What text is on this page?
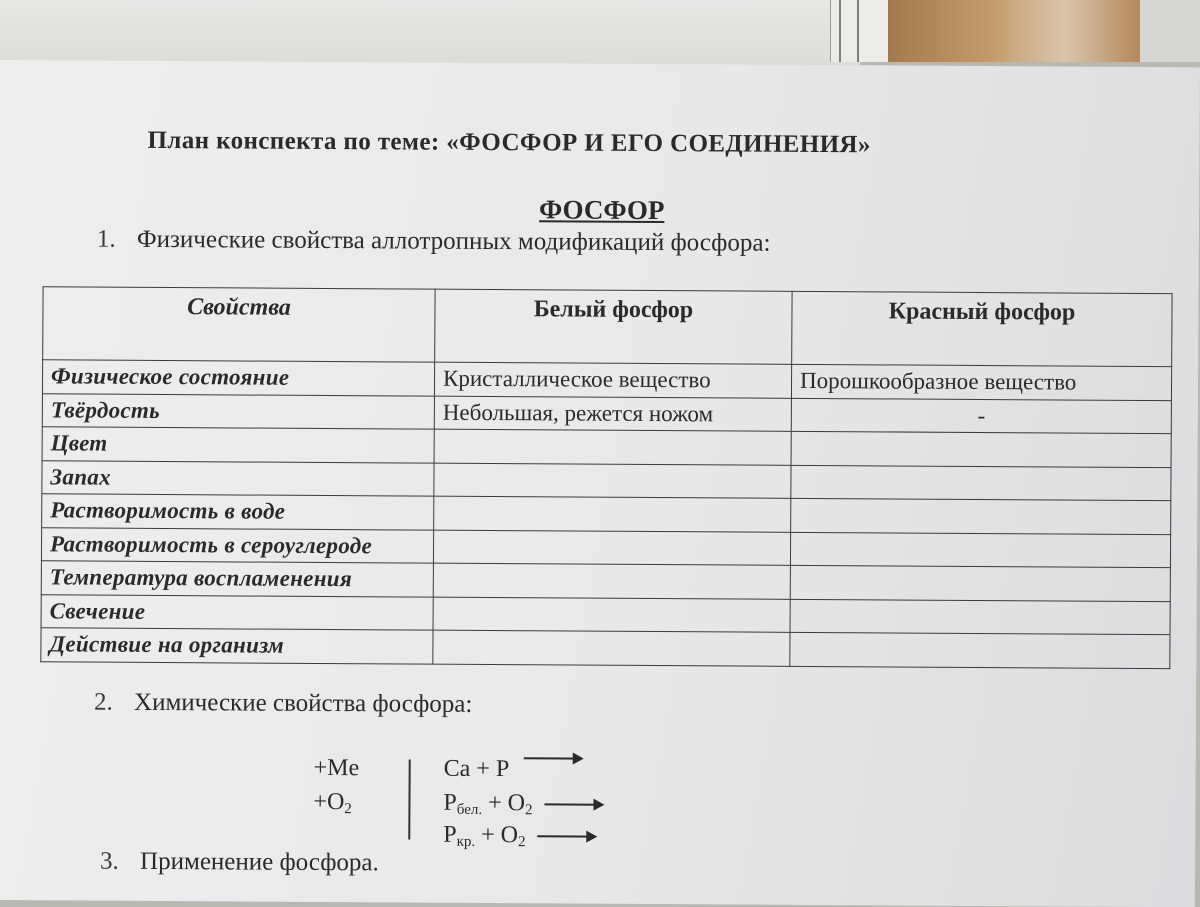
План конспекта по теме: «ФОСФОР И ЕГО СОЕДИНЕНИЯ»
ФОСФОР
1. Физические свойства аллотропных модификаций фосфора:
Свойства	Белый фосфор	Красный фосфор
Физическое состояние	Кристаллическое вещество	Порошкообразное вещество
Твёрдость	Небольшая, режется ножом	-
Цвет		
Запах		
Растворимость в воде		
Растворимость в сероуглероде		
Температура воспламенения		
Свечение		
Действие на организм		
2. Химические свойства фосфора:
+Me
$+O_2$
Ca + P
$P_{бел.} + O_2$
$P_{кр.} + O_2$
3. Применение фосфора.
